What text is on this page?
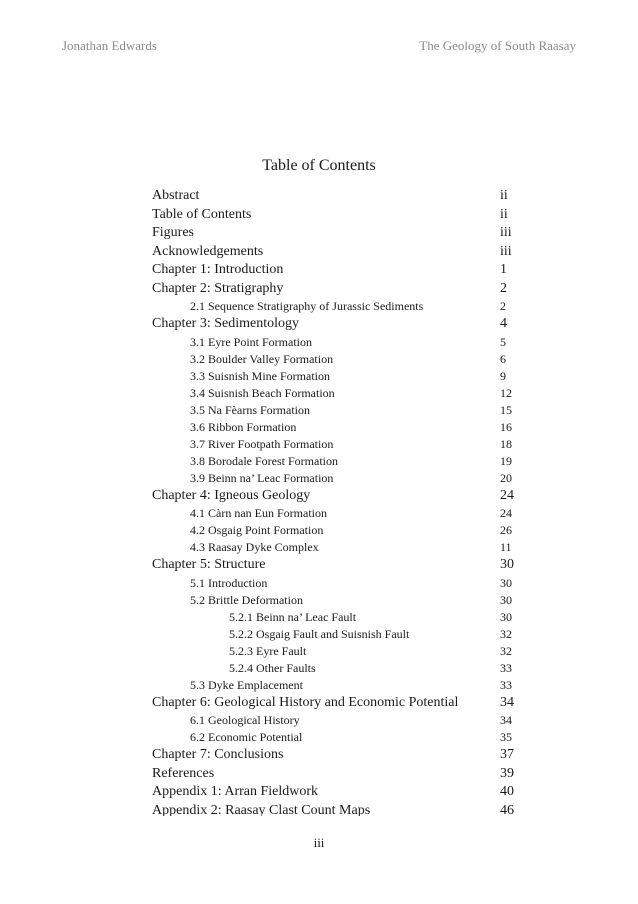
Jonathan Edwards	The Geology of South Raasay
Table of Contents
Abstract	ii
Table of Contents	ii
Figures	iii
Acknowledgements	iii
Chapter 1: Introduction	1
Chapter 2: Stratigraphy	2
2.1 Sequence Stratigraphy of Jurassic Sediments	2
Chapter 3: Sedimentology	4
3.1 Eyre Point Formation	5
3.2 Boulder Valley Formation	6
3.3 Suisnish Mine Formation	9
3.4 Suisnish Beach Formation	12
3.5 Na Fèarns Formation	15
3.6 Ribbon Formation	16
3.7 River Footpath Formation	18
3.8 Borodale Forest Formation	19
3.9 Beinn na’ Leac Formation	20
Chapter 4: Igneous Geology	24
4.1 Càrn nan Eun Formation	24
4.2 Osgaig Point Formation	26
4.3 Raasay Dyke Complex	11
Chapter 5: Structure	30
5.1 Introduction	30
5.2 Brittle Deformation	30
5.2.1 Beinn na’ Leac Fault	30
5.2.2 Osgaig Fault and Suisnish Fault	32
5.2.3 Eyre Fault	32
5.2.4 Other Faults	33
5.3 Dyke Emplacement	33
Chapter 6: Geological History and Economic Potential	34
6.1 Geological History	34
6.2 Economic Potential	35
Chapter 7: Conclusions	37
References	39
Appendix 1: Arran Fieldwork	40
Appendix 2: Raasay Clast Count Maps	46
iii
